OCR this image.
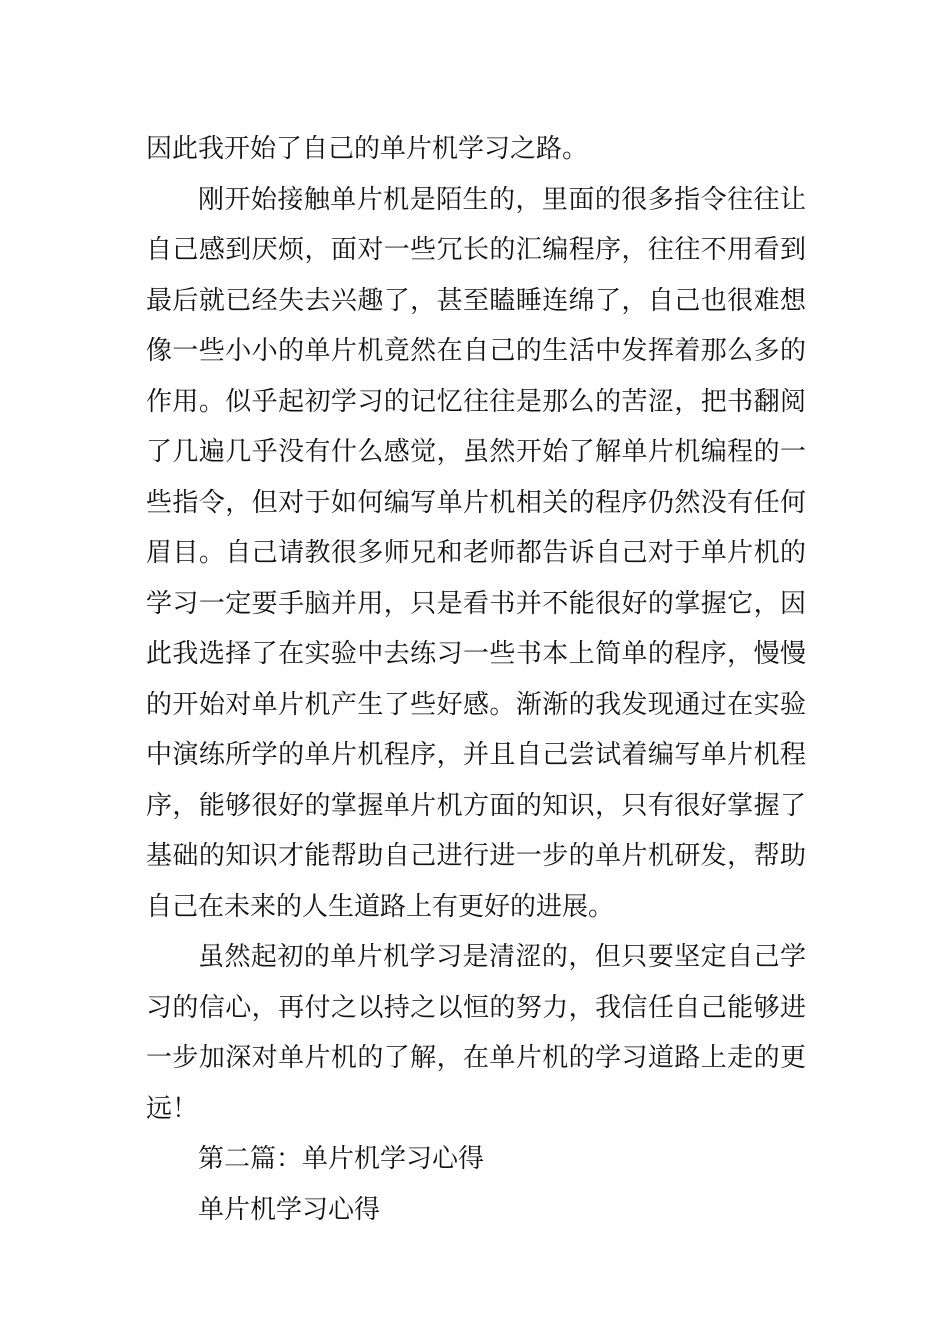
因此我开始了自己的单片机学习之路。

刚开始接触单片机是陌生的，里面的很多指令往往让自己感到厌烦，面对一些冗长的汇编程序，往往不用看到最后就已经失去兴趣了，甚至瞌睡连绵了，自己也很难想像一些小小的单片机竟然在自己的生活中发挥着那么多的作用。似乎起初学习的记忆往往是那么的苦涩，把书翻阅了几遍几乎没有什么感觉，虽然开始了解单片机编程的一些指令，但对于如何编写单片机相关的程序仍然没有任何眉目。自己请教很多师兄和老师都告诉自己对于单片机的学习一定要手脑并用，只是看书并不能很好的掌握它，因此我选择了在实验中去练习一些书本上简单的程序，慢慢的开始对单片机产生了些好感。渐渐的我发现通过在实验中演练所学的单片机程序，并且自己尝试着编写单片机程序，能够很好的掌握单片机方面的知识，只有很好掌握了基础的知识才能帮助自己进行进一步的单片机研发，帮助自己在未来的人生道路上有更好的进展。

虽然起初的单片机学习是清涩的，但只要坚定自己学习的信心，再付之以持之以恒的努力，我信任自己能够进一步加深对单片机的了解，在单片机的学习道路上走的更远！

第二篇：单片机学习心得

单片机学习心得
